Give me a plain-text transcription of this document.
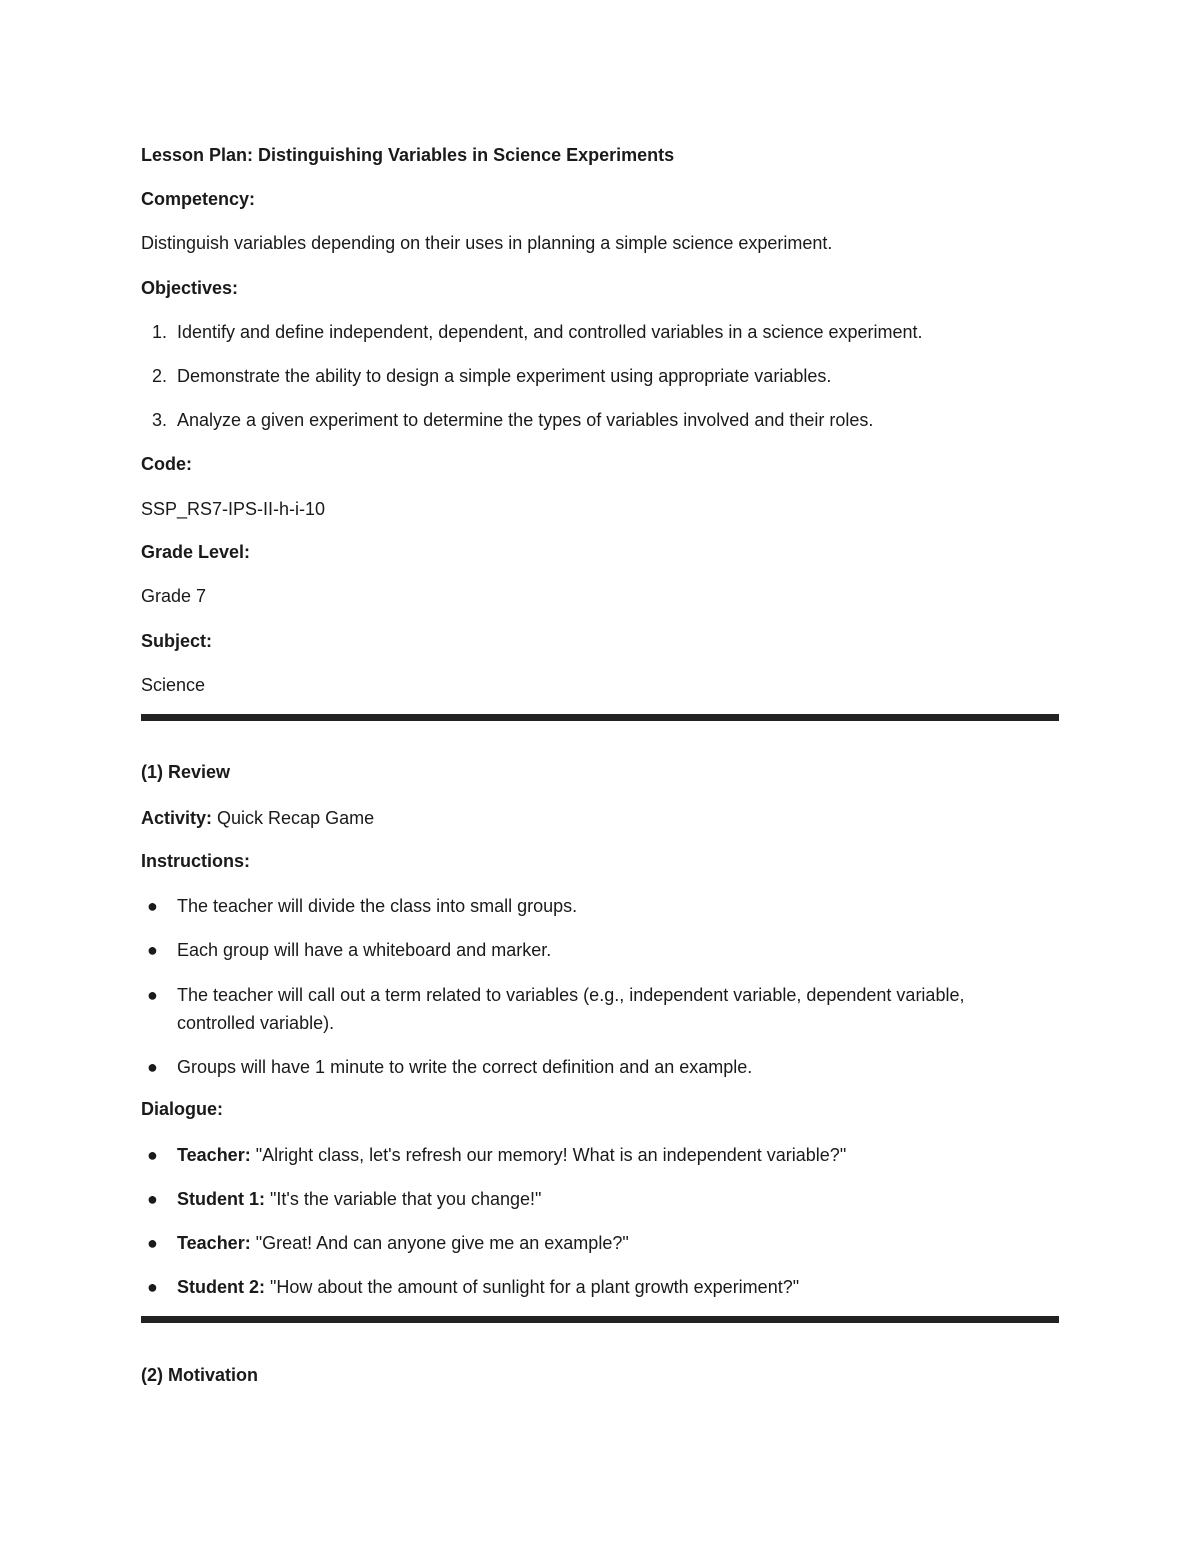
Lesson Plan: Distinguishing Variables in Science Experiments
Competency:
Distinguish variables depending on their uses in planning a simple science experiment.
Objectives:
1. Identify and define independent, dependent, and controlled variables in a science experiment.
2. Demonstrate the ability to design a simple experiment using appropriate variables.
3. Analyze a given experiment to determine the types of variables involved and their roles.
Code:
SSP_RS7-IPS-II-h-i-10
Grade Level:
Grade 7
Subject:
Science
(1) Review
Activity: Quick Recap Game
Instructions:
● The teacher will divide the class into small groups.
● Each group will have a whiteboard and marker.
● The teacher will call out a term related to variables (e.g., independent variable, dependent variable, controlled variable).
● Groups will have 1 minute to write the correct definition and an example.
Dialogue:
● Teacher: "Alright class, let's refresh our memory! What is an independent variable?"
● Student 1: "It's the variable that you change!"
● Teacher: "Great! And can anyone give me an example?"
● Student 2: "How about the amount of sunlight for a plant growth experiment?"
(2) Motivation
